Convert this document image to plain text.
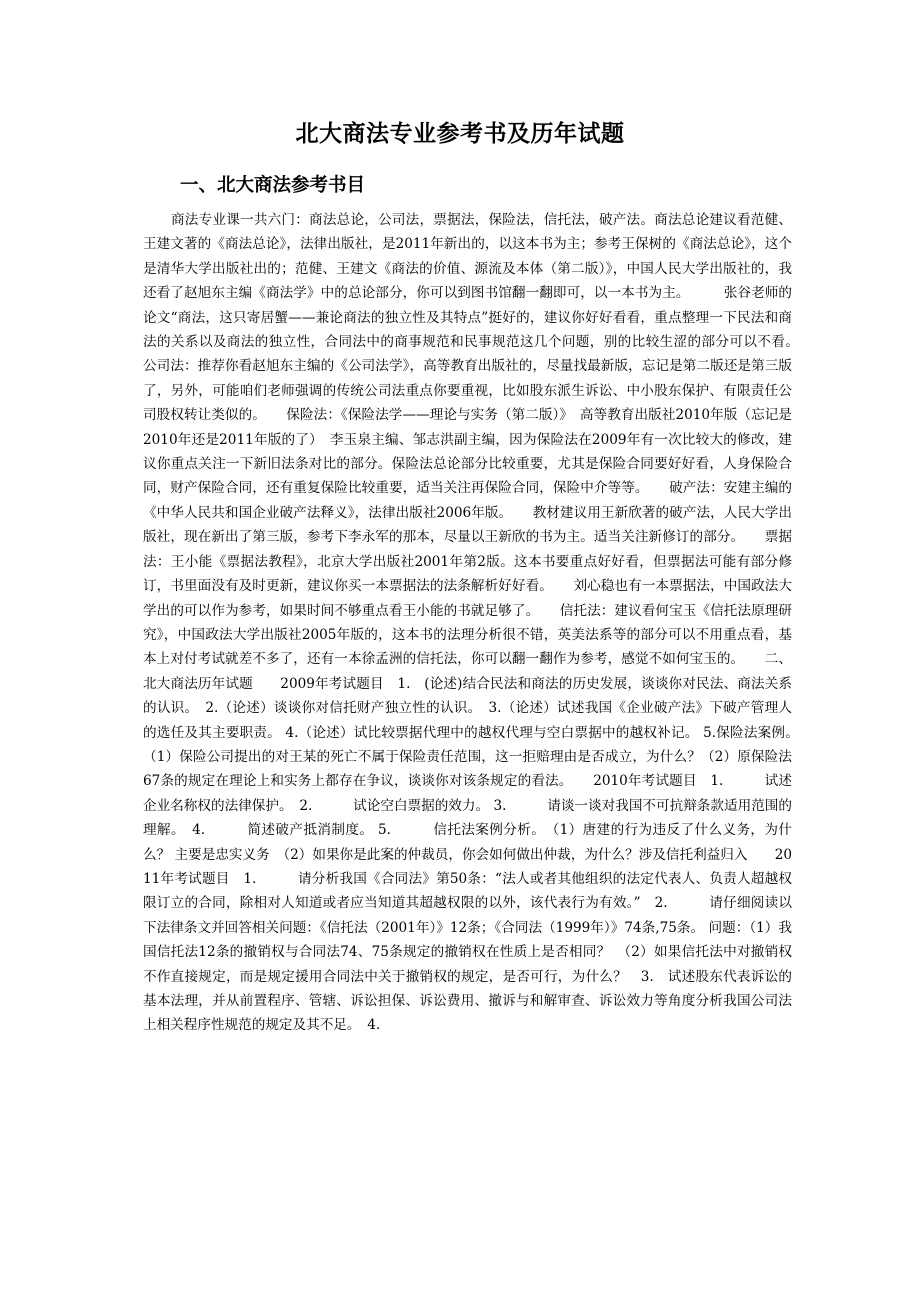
北大商法专业参考书及历年试题
一、北大商法参考书目

商法专业课一共六门：商法总论，公司法，票据法，保险法，信托法，破产法。商法总论建议看范健、王建文著的《商法总论》，法律出版社，是2011年新出的，以这本书为主；参考王保树的《商法总论》，这个是清华大学出版社出的；范健、王建文《商法的价值、源流及本体（第二版）》，中国人民大学出版社的，我还看了赵旭东主编《商法学》中的总论部分，你可以到图书馆翻一翻即可，以一本书为主。　　　张谷老师的论文“商法，这只寄居蟹——兼论商法的独立性及其特点”挺好的，建议你好好看看，重点整理一下民法和商法的关系以及商法的独立性，合同法中的商事规范和民事规范这几个问题，别的比较生涩的部分可以不看。　　公司法：推荐你看赵旭东主编的《公司法学》，高等教育出版社的，尽量找最新版，忘记是第二版还是第三版了，另外，可能咱们老师强调的传统公司法重点你要重视，比如股东派生诉讼、中小股东保护、有限责任公司股权转让类似的。　　保险法：《保险法学——理论与实务（第二版）》　高等教育出版社2010年版（忘记是2010年还是2011年版的了）　李玉泉主编、邹志洪副主编，因为保险法在2009年有一次比较大的修改，建议你重点关注一下新旧法条对比的部分。保险法总论部分比较重要，尤其是保险合同要好好看，人身保险合同，财产保险合同，还有重复保险比较重要，适当关注再保险合同，保险中介等等。　　破产法：安建主编的《中华人民共和国企业破产法释义》，法律出版社2006年版。　　教材建议用王新欣著的破产法，人民大学出版社，现在新出了第三版，参考下李永军的那本，尽量以王新欣的书为主。适当关注新修订的部分。　　票据法：王小能《票据法教程》，北京大学出版社2001年第2版。这本书要重点好好看，但票据法可能有部分修订，书里面没有及时更新，建议你买一本票据法的法条解析好好看。　　刘心稳也有一本票据法，中国政法大学出的可以作为参考，如果时间不够重点看王小能的书就足够了。　　信托法：建议看何宝玉《信托法原理研究》，中国政法大学出版社2005年版的，这本书的法理分析很不错，英美法系等的部分可以不用重点看，基本上对付考试就差不多了，还有一本徐孟洲的信托法，你可以翻一翻作为参考，感觉不如何宝玉的。　　二、北大商法历年试题　　2009年考试题目　1.　(论述)结合民法和商法的历史发展，谈谈你对民法、商法关系的认识。　2.（论述）谈谈你对信托财产独立性的认识。　3.（论述）试述我国《企业破产法》下破产管理人的选任及其主要职责。 4.（论述）试比较票据代理中的越权代理与空白票据中的越权补记。 5.保险法案例。　（1）保险公司提出的对王某的死亡不属于保险责任范围，这一拒赔理由是否成立，为什么？（2）原保险法67条的规定在理论上和实务上都存在争议，谈谈你对该条规定的看法。　　2010年考试题目　1.　　　试述企业名称权的法律保护。　2.　　　试论空白票据的效力。 3.　　　请谈一谈对我国不可抗辩条款适用范围的理解。　4.　　　简述破产抵消制度。 5.　　　信托法案例分析。　（1）唐建的行为违反了什么义务，为什么？ 主要是忠实义务　（2）如果你是此案的仲裁员，你会如何做出仲裁，为什么？涉及信托利益归入　　2011年考试题目　1.　　　请分析我国《合同法》第50条：“法人或者其他组织的法定代表人、负责人超越权限订立的合同，除相对人知道或者应当知道其超越权限的以外，该代表行为有效。”　2.　　　请仔细阅读以下法律条文并回答相关问题：《信托法（2001年）》12条；《合同法（1999年）》74条,75条。 问题：（1）我国信托法12条的撤销权与合同法74、75条规定的撤销权在性质上是否相同？　（2）如果信托法中对撤销权不作直接规定，而是规定援用合同法中关于撤销权的规定，是否可行，为什么？　3.　试述股东代表诉讼的基本法理，并从前置程序、管辖、诉讼担保、诉讼费用、撤诉与和解审查、诉讼效力等角度分析我国公司法上相关程序性规范的规定及其不足。　4.
